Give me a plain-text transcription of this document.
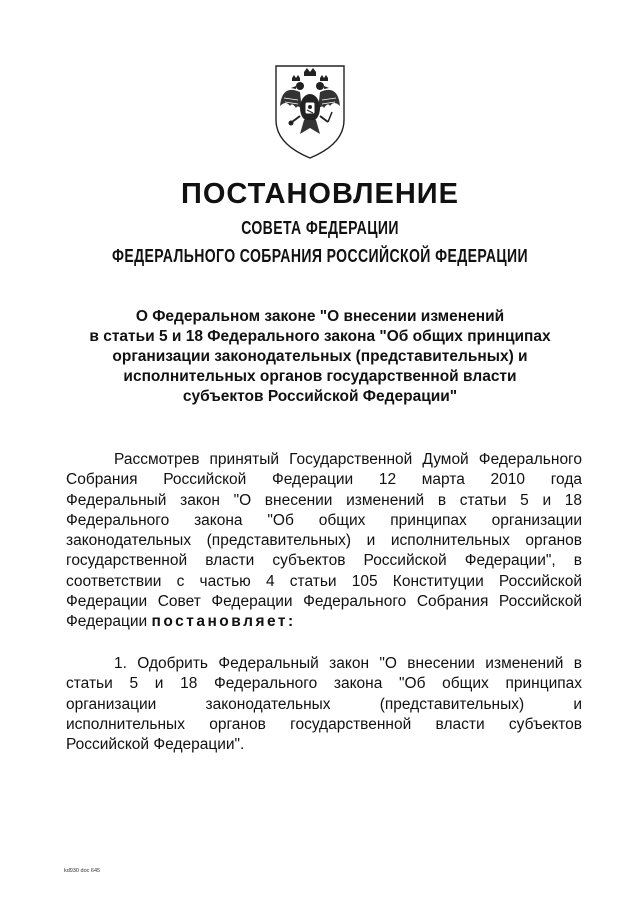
ПОСТАНОВЛЕНИЕ
СОВЕТА ФЕДЕРАЦИИ
ФЕДЕРАЛЬНОГО СОБРАНИЯ РОССИЙСКОЙ ФЕДЕРАЦИИ
О Федеральном законе "О внесении изменений
в статьи 5 и 18 Федерального закона "Об общих принципах
организации законодательных (представительных) и
исполнительных органов государственной власти
субъектов Российской Федерации"
Рассмотрев принятый Государственной Думой Федерального
Собрания Российской Федерации 12 марта 2010 года
Федеральный закон "О внесении изменений в статьи 5 и 18
Федерального закона "Об общих принципах организации
законодательных (представительных) и исполнительных органов
государственной власти субъектов Российской Федерации", в
соответствии с частью 4 статьи 105 Конституции Российской
Федерации Совет Федерации Федерального Собрания Российской
Федерации постановляет:
1. Одобрить Федеральный закон "О внесении изменений в
статьи 5 и 18 Федерального закона "Об общих принципах
организации законодательных (представительных) и
исполнительных органов государственной власти субъектов
Российской Федерации".
kd930 doc 645
